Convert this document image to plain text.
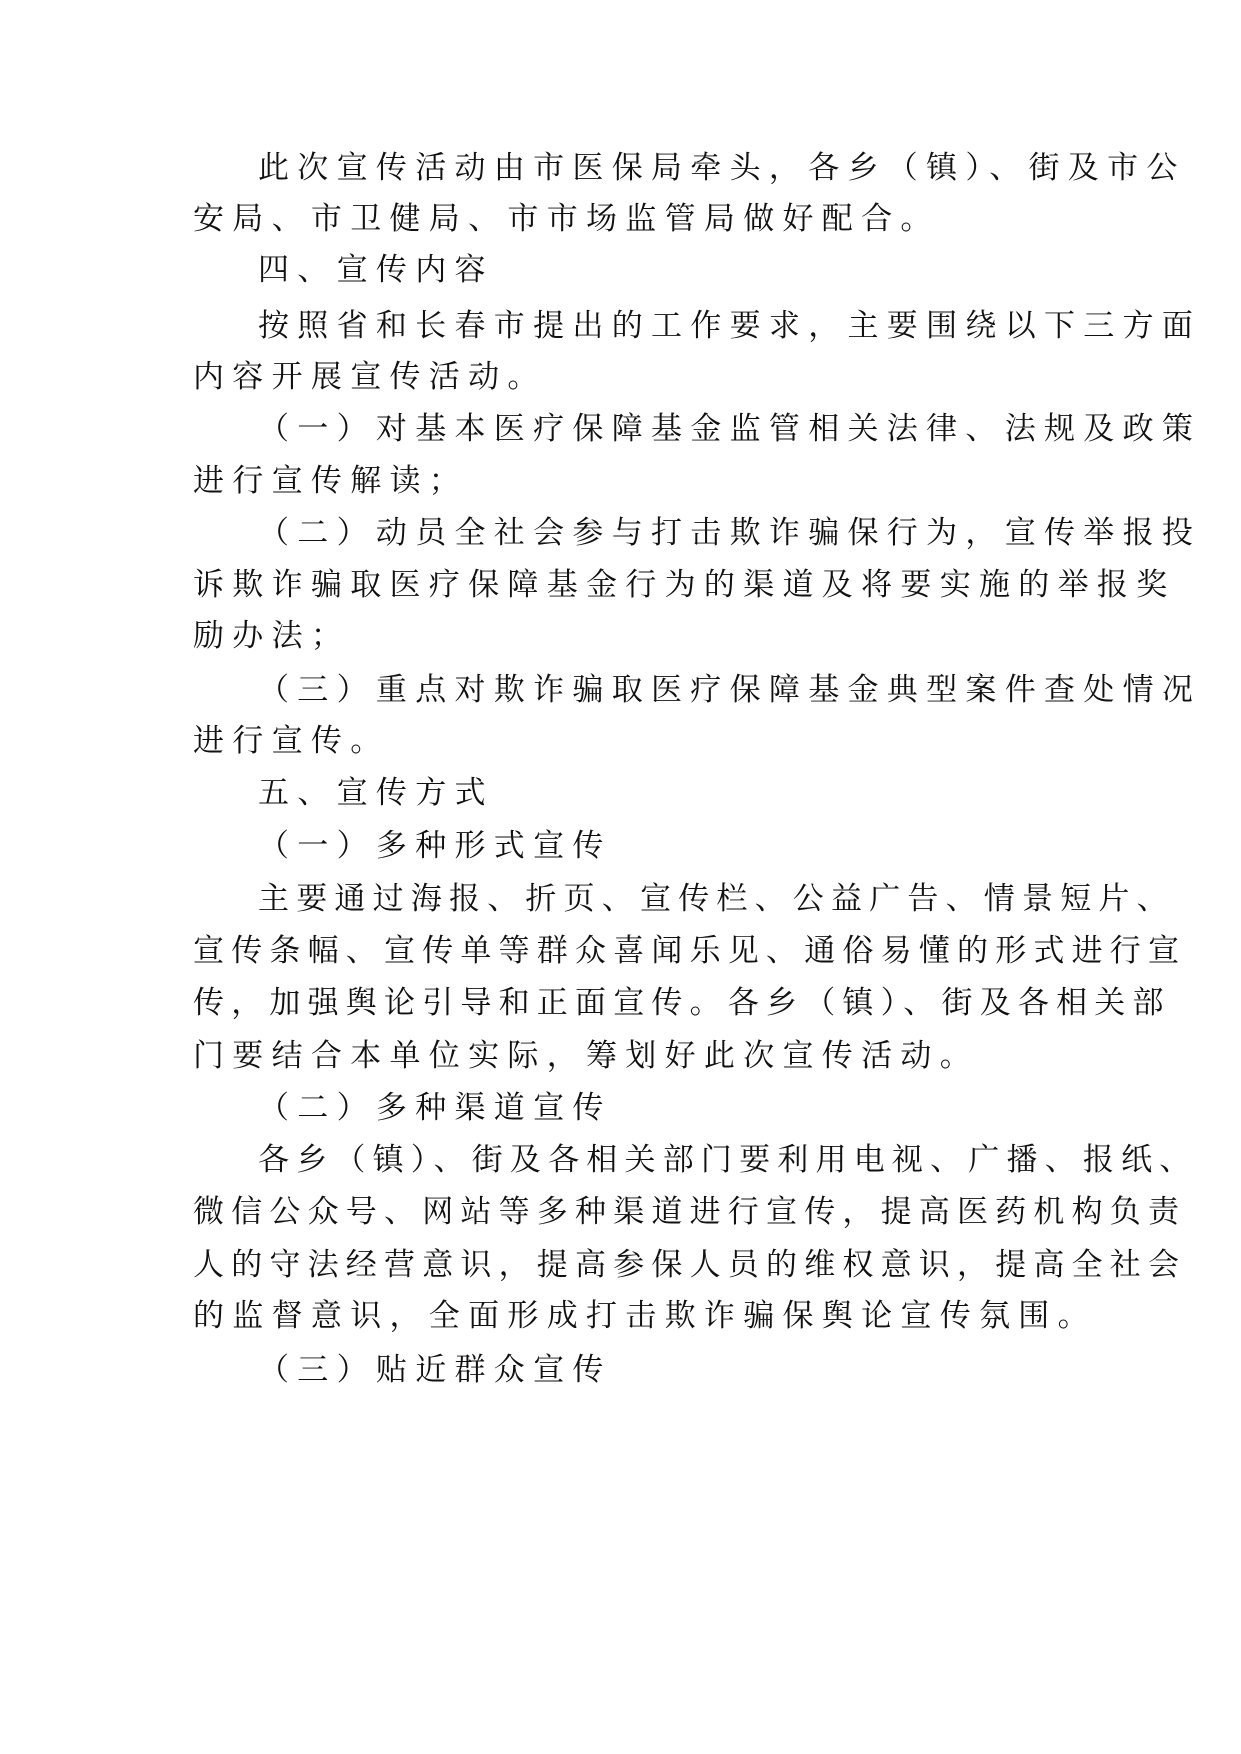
此次宣传活动由市医保局牵头，各乡（镇）、街及市公

安局、市卫健局、市市场监管局做好配合。

四、宣传内容

按照省和长春市提出的工作要求，主要围绕以下三方面

内容开展宣传活动。

（一）对基本医疗保障基金监管相关法律、法规及政策

进行宣传解读；

（二）动员全社会参与打击欺诈骗保行为，宣传举报投

诉欺诈骗取医疗保障基金行为的渠道及将要实施的举报奖

励办法；

（三）重点对欺诈骗取医疗保障基金典型案件查处情况

进行宣传。

五、宣传方式

（一）多种形式宣传

主要通过海报、折页、宣传栏、公益广告、情景短片、

宣传条幅、宣传单等群众喜闻乐见、通俗易懂的形式进行宣

传，加强舆论引导和正面宣传。各乡（镇）、街及各相关部

门要结合本单位实际，筹划好此次宣传活动。

（二）多种渠道宣传

各乡（镇）、街及各相关部门要利用电视、广播、报纸、

微信公众号、网站等多种渠道进行宣传，提高医药机构负责

人的守法经营意识，提高参保人员的维权意识，提高全社会

的监督意识，全面形成打击欺诈骗保舆论宣传氛围。

（三）贴近群众宣传
